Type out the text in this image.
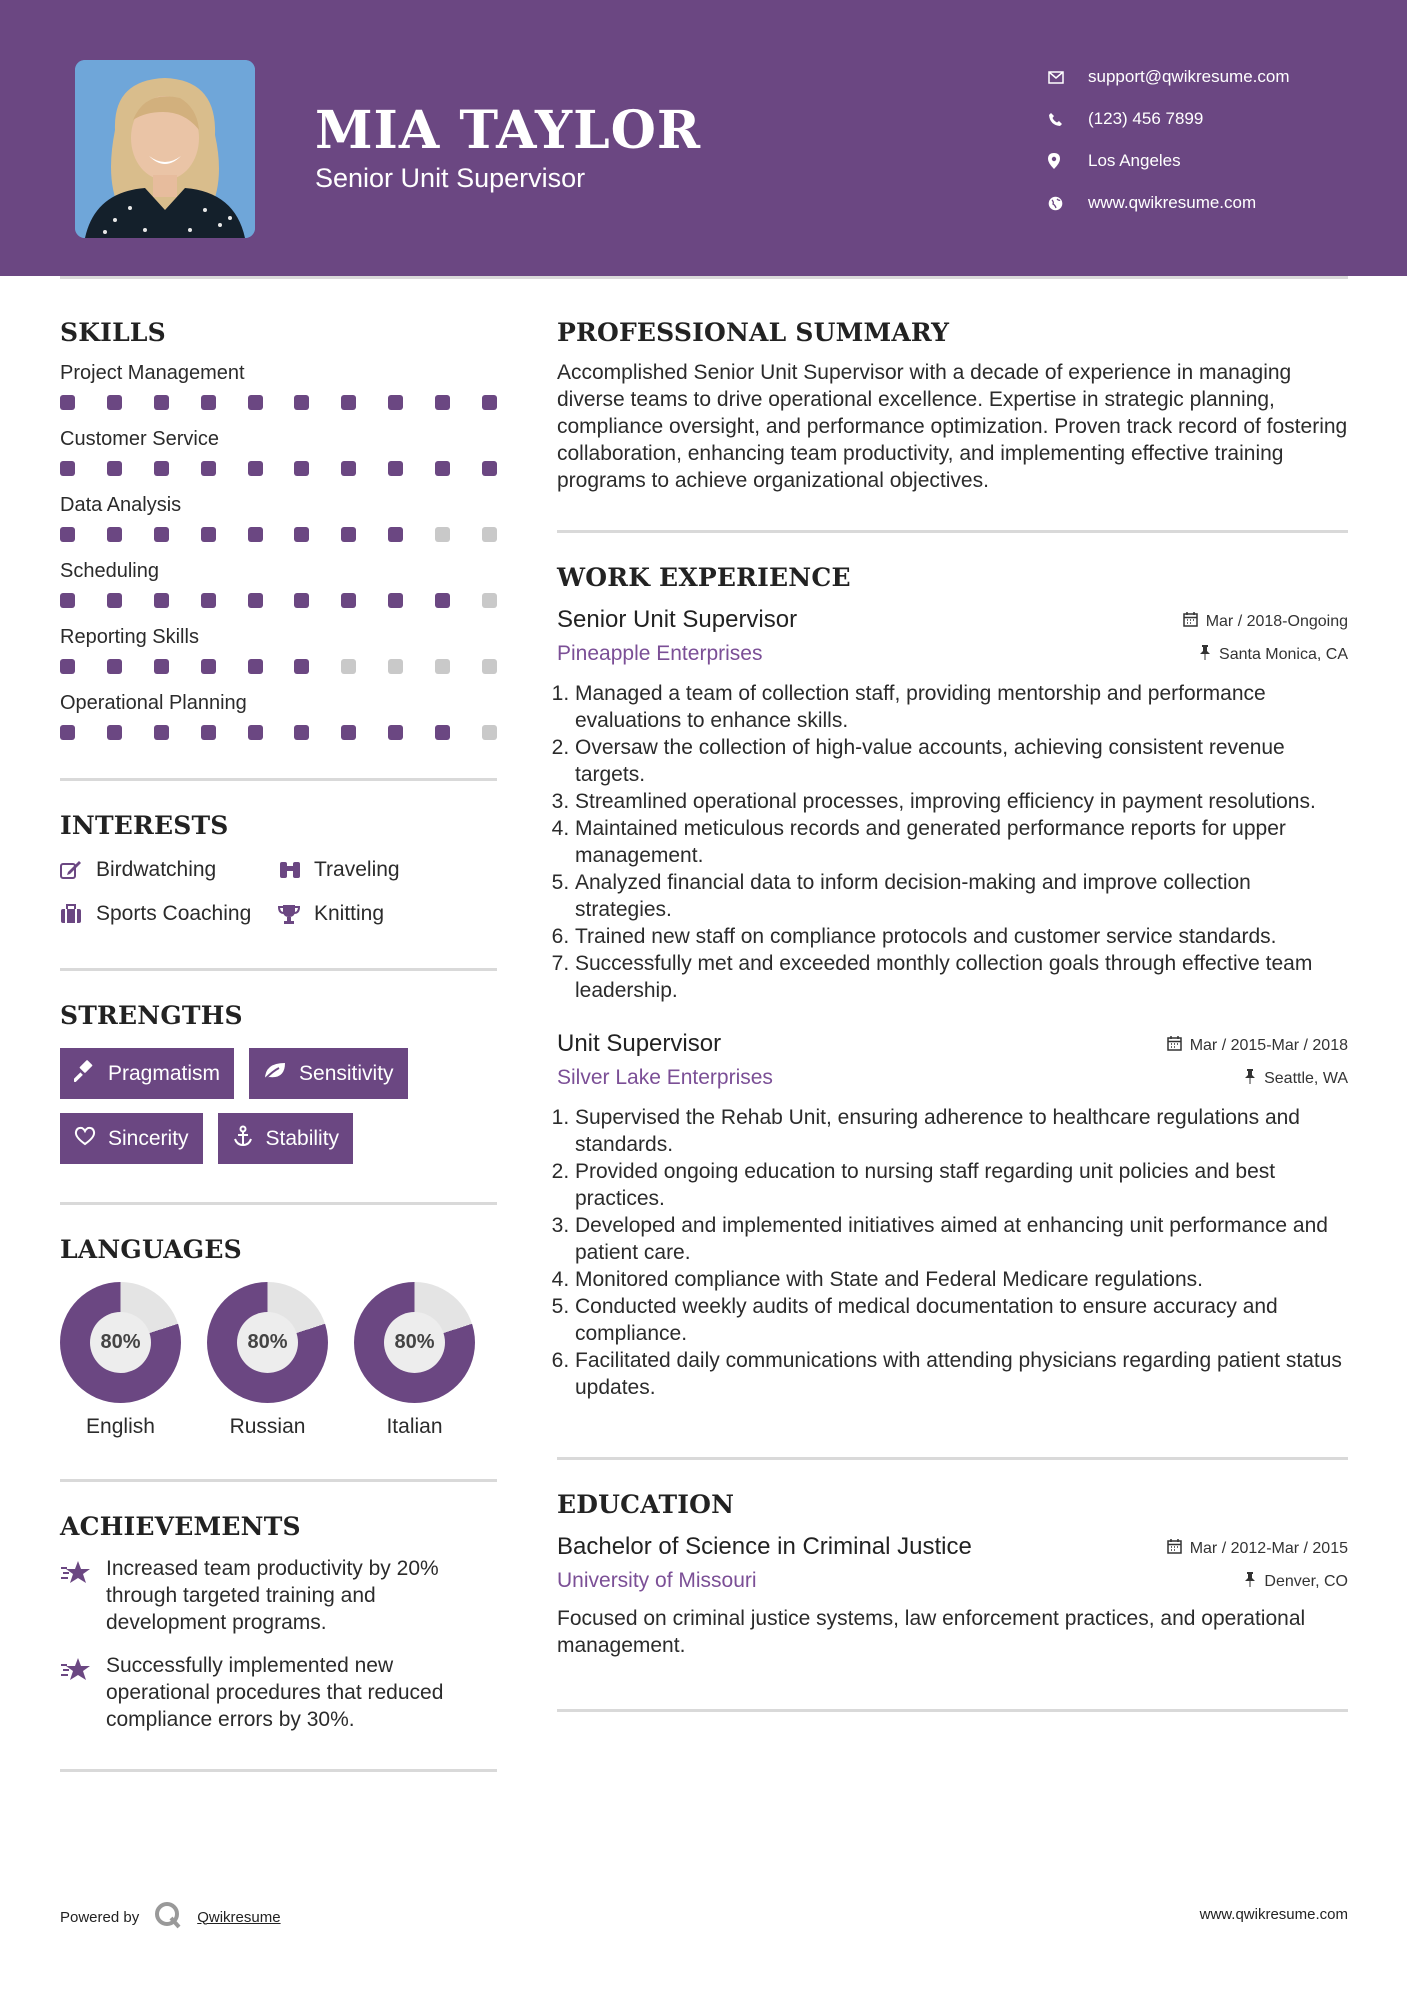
MIA TAYLOR
Senior Unit Supervisor
support@qwikresume.com
(123) 456 7899
Los Angeles
www.qwikresume.com
SKILLS
Project Management
Customer Service
Data Analysis
Scheduling
Reporting Skills
Operational Planning
INTERESTS
Birdwatching	Traveling
Sports Coaching	Knitting
STRENGTHS
Pragmatism	Sensitivity
Sincerity	Stability
LANGUAGES
80%
English
80%
Russian
80%
Italian
ACHIEVEMENTS
Increased team productivity by 20% through targeted training and development programs.
Successfully implemented new operational procedures that reduced compliance errors by 30%.
PROFESSIONAL SUMMARY

Accomplished Senior Unit Supervisor with a decade of experience in managing diverse teams to drive operational excellence. Expertise in strategic planning, compliance oversight, and performance optimization. Proven track record of fostering collaboration, enhancing team productivity, and implementing effective training programs to achieve organizational objectives.

WORK EXPERIENCE
Senior Unit Supervisor	Mar / 2018-Ongoing
Pineapple Enterprises	Santa Monica, CA
1. Managed a team of collection staff, providing mentorship and performance evaluations to enhance skills.
2. Oversaw the collection of high-value accounts, achieving consistent revenue targets.
3. Streamlined operational processes, improving efficiency in payment resolutions.
4. Maintained meticulous records and generated performance reports for upper management.
5. Analyzed financial data to inform decision-making and improve collection strategies.
6. Trained new staff on compliance protocols and customer service standards.
7. Successfully met and exceeded monthly collection goals through effective team leadership.
Unit Supervisor	Mar / 2015-Mar / 2018
Silver Lake Enterprises	Seattle, WA
1. Supervised the Rehab Unit, ensuring adherence to healthcare regulations and standards.
2. Provided ongoing education to nursing staff regarding unit policies and best practices.
3. Developed and implemented initiatives aimed at enhancing unit performance and patient care.
4. Monitored compliance with State and Federal Medicare regulations.
5. Conducted weekly audits of medical documentation to ensure accuracy and compliance.
6. Facilitated daily communications with attending physicians regarding patient status updates.
EDUCATION
Bachelor of Science in Criminal Justice	Mar / 2012-Mar / 2015
University of Missouri	Denver, CO

Focused on criminal justice systems, law enforcement practices, and operational management.

Powered by	Qwikresume	www.qwikresume.com
